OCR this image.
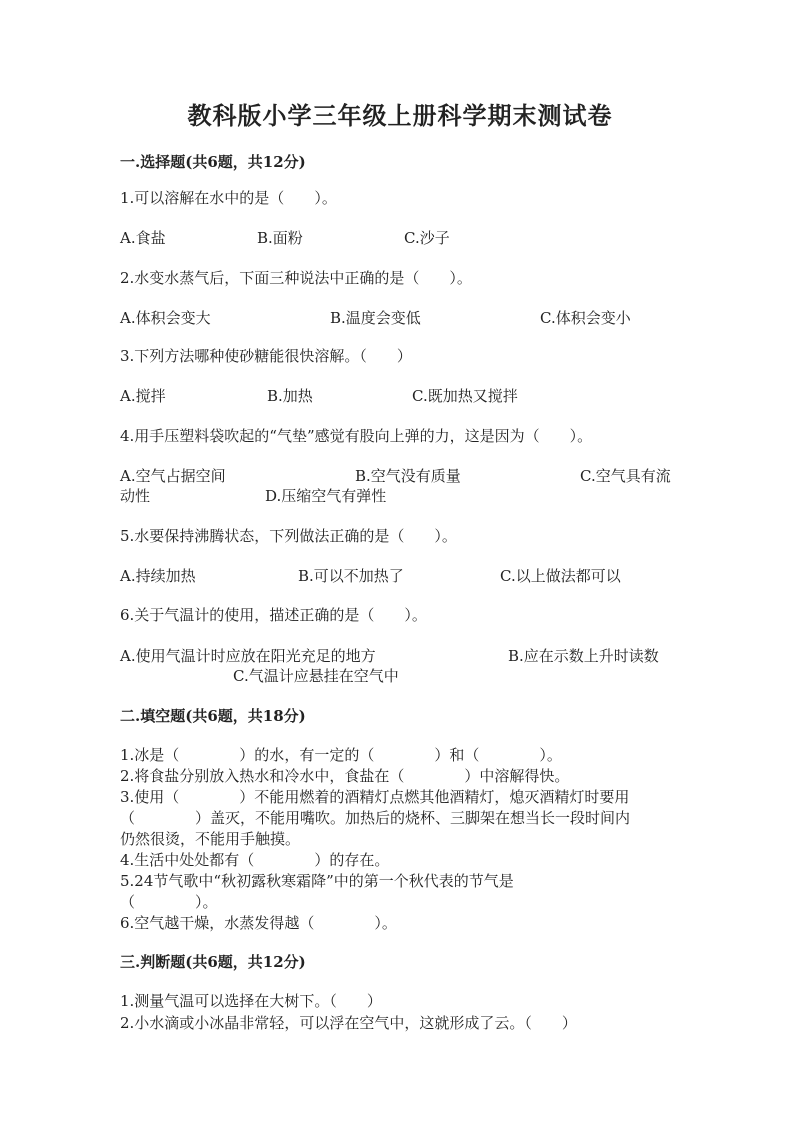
教科版小学三年级上册科学期末测试卷
一.选择题(共6题，共12分)
1.可以溶解在水中的是（　　）。
A.食盐	B.面粉	C.沙子
2.水变水蒸气后，下面三种说法中正确的是（　　）。
A.体积会变大	B.温度会变低	C.体积会变小
3.下列方法哪种使砂糖能很快溶解。（　　）
A.搅拌	B.加热	C.既加热又搅拌
4.用手压塑料袋吹起的“气垫”感觉有股向上弹的力，这是因为（　　）。
A.空气占据空间	B.空气没有质量	C.空气具有流
动性	D.压缩空气有弹性
5.水要保持沸腾状态，下列做法正确的是（　　）。
A.持续加热	B.可以不加热了	C.以上做法都可以
6.关于气温计的使用，描述正确的是（　　）。
A.使用气温计时应放在阳光充足的地方	B.应在示数上升时读数
C.气温计应悬挂在空气中
二.填空题(共6题，共18分)
1.冰是（　　　　）的水，有一定的（　　　　）和（　　　　）。
2.将食盐分别放入热水和冷水中，食盐在（　　　　）中溶解得快。
3.使用（　　　　）不能用燃着的酒精灯点燃其他酒精灯，熄灭酒精灯时要用
（　　　　）盖灭，不能用嘴吹。加热后的烧杯、三脚架在想当长一段时间内
仍然很烫，不能用手触摸。
4.生活中处处都有（　　　　）的存在。
5.24节气歌中“秋初露秋寒霜降”中的第一个秋代表的节气是
（　　　　）。
6.空气越干燥，水蒸发得越（　　　　）。
三.判断题(共6题，共12分)
1.测量气温可以选择在大树下。（　　）
2.小水滴或小冰晶非常轻，可以浮在空气中，这就形成了云。（　　）
